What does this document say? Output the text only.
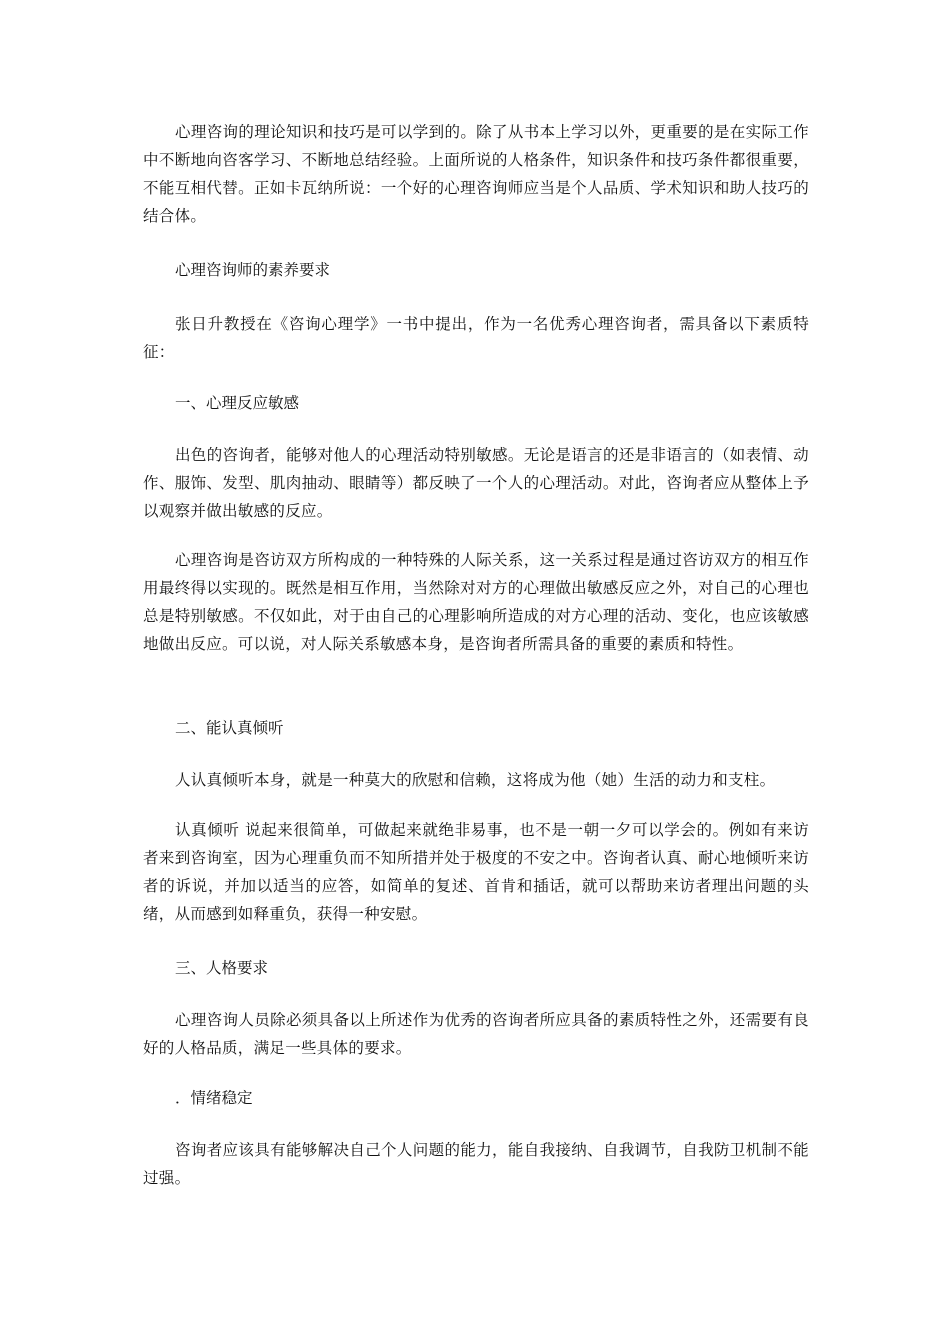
心理咨询的理论知识和技巧是可以学到的。除了从书本上学习以外，更重要的是在实际工作中不断地向咨客学习、不断地总结经验。上面所说的人格条件，知识条件和技巧条件都很重要，不能互相代替。正如卡瓦纳所说：一个好的心理咨询师应当是个人品质、学术知识和助人技巧的结合体。

心理咨询师的素养要求

张日升教授在《咨询心理学》一书中提出，作为一名优秀心理咨询者，需具备以下素质特征：

一、心理反应敏感

出色的咨询者，能够对他人的心理活动特别敏感。无论是语言的还是非语言的（如表情、动作、服饰、发型、肌肉抽动、眼睛等）都反映了一个人的心理活动。对此，咨询者应从整体上予以观察并做出敏感的反应。

心理咨询是咨访双方所构成的一种特殊的人际关系，这一关系过程是通过咨访双方的相互作用最终得以实现的。既然是相互作用，当然除对对方的心理做出敏感反应之外，对自己的心理也总是特别敏感。不仅如此，对于由自己的心理影响所造成的对方心理的活动、变化，也应该敏感地做出反应。可以说，对人际关系敏感本身，是咨询者所需具备的重要的素质和特性。

二、能认真倾听

人认真倾听本身，就是一种莫大的欣慰和信赖，这将成为他（她）生活的动力和支柱。

认真倾听 说起来很简单，可做起来就绝非易事，也不是一朝一夕可以学会的。例如有来访者来到咨询室，因为心理重负而不知所措并处于极度的不安之中。咨询者认真、耐心地倾听来访者的诉说，并加以适当的应答，如简单的复述、首肯和插话，就可以帮助来访者理出问题的头绪，从而感到如释重负，获得一种安慰。

三、人格要求

心理咨询人员除必须具备以上所述作为优秀的咨询者所应具备的素质特性之外，还需要有良好的人格品质，满足一些具体的要求。

．情绪稳定

咨询者应该具有能够解决自己个人问题的能力，能自我接纳、自我调节，自我防卫机制不能过强。
